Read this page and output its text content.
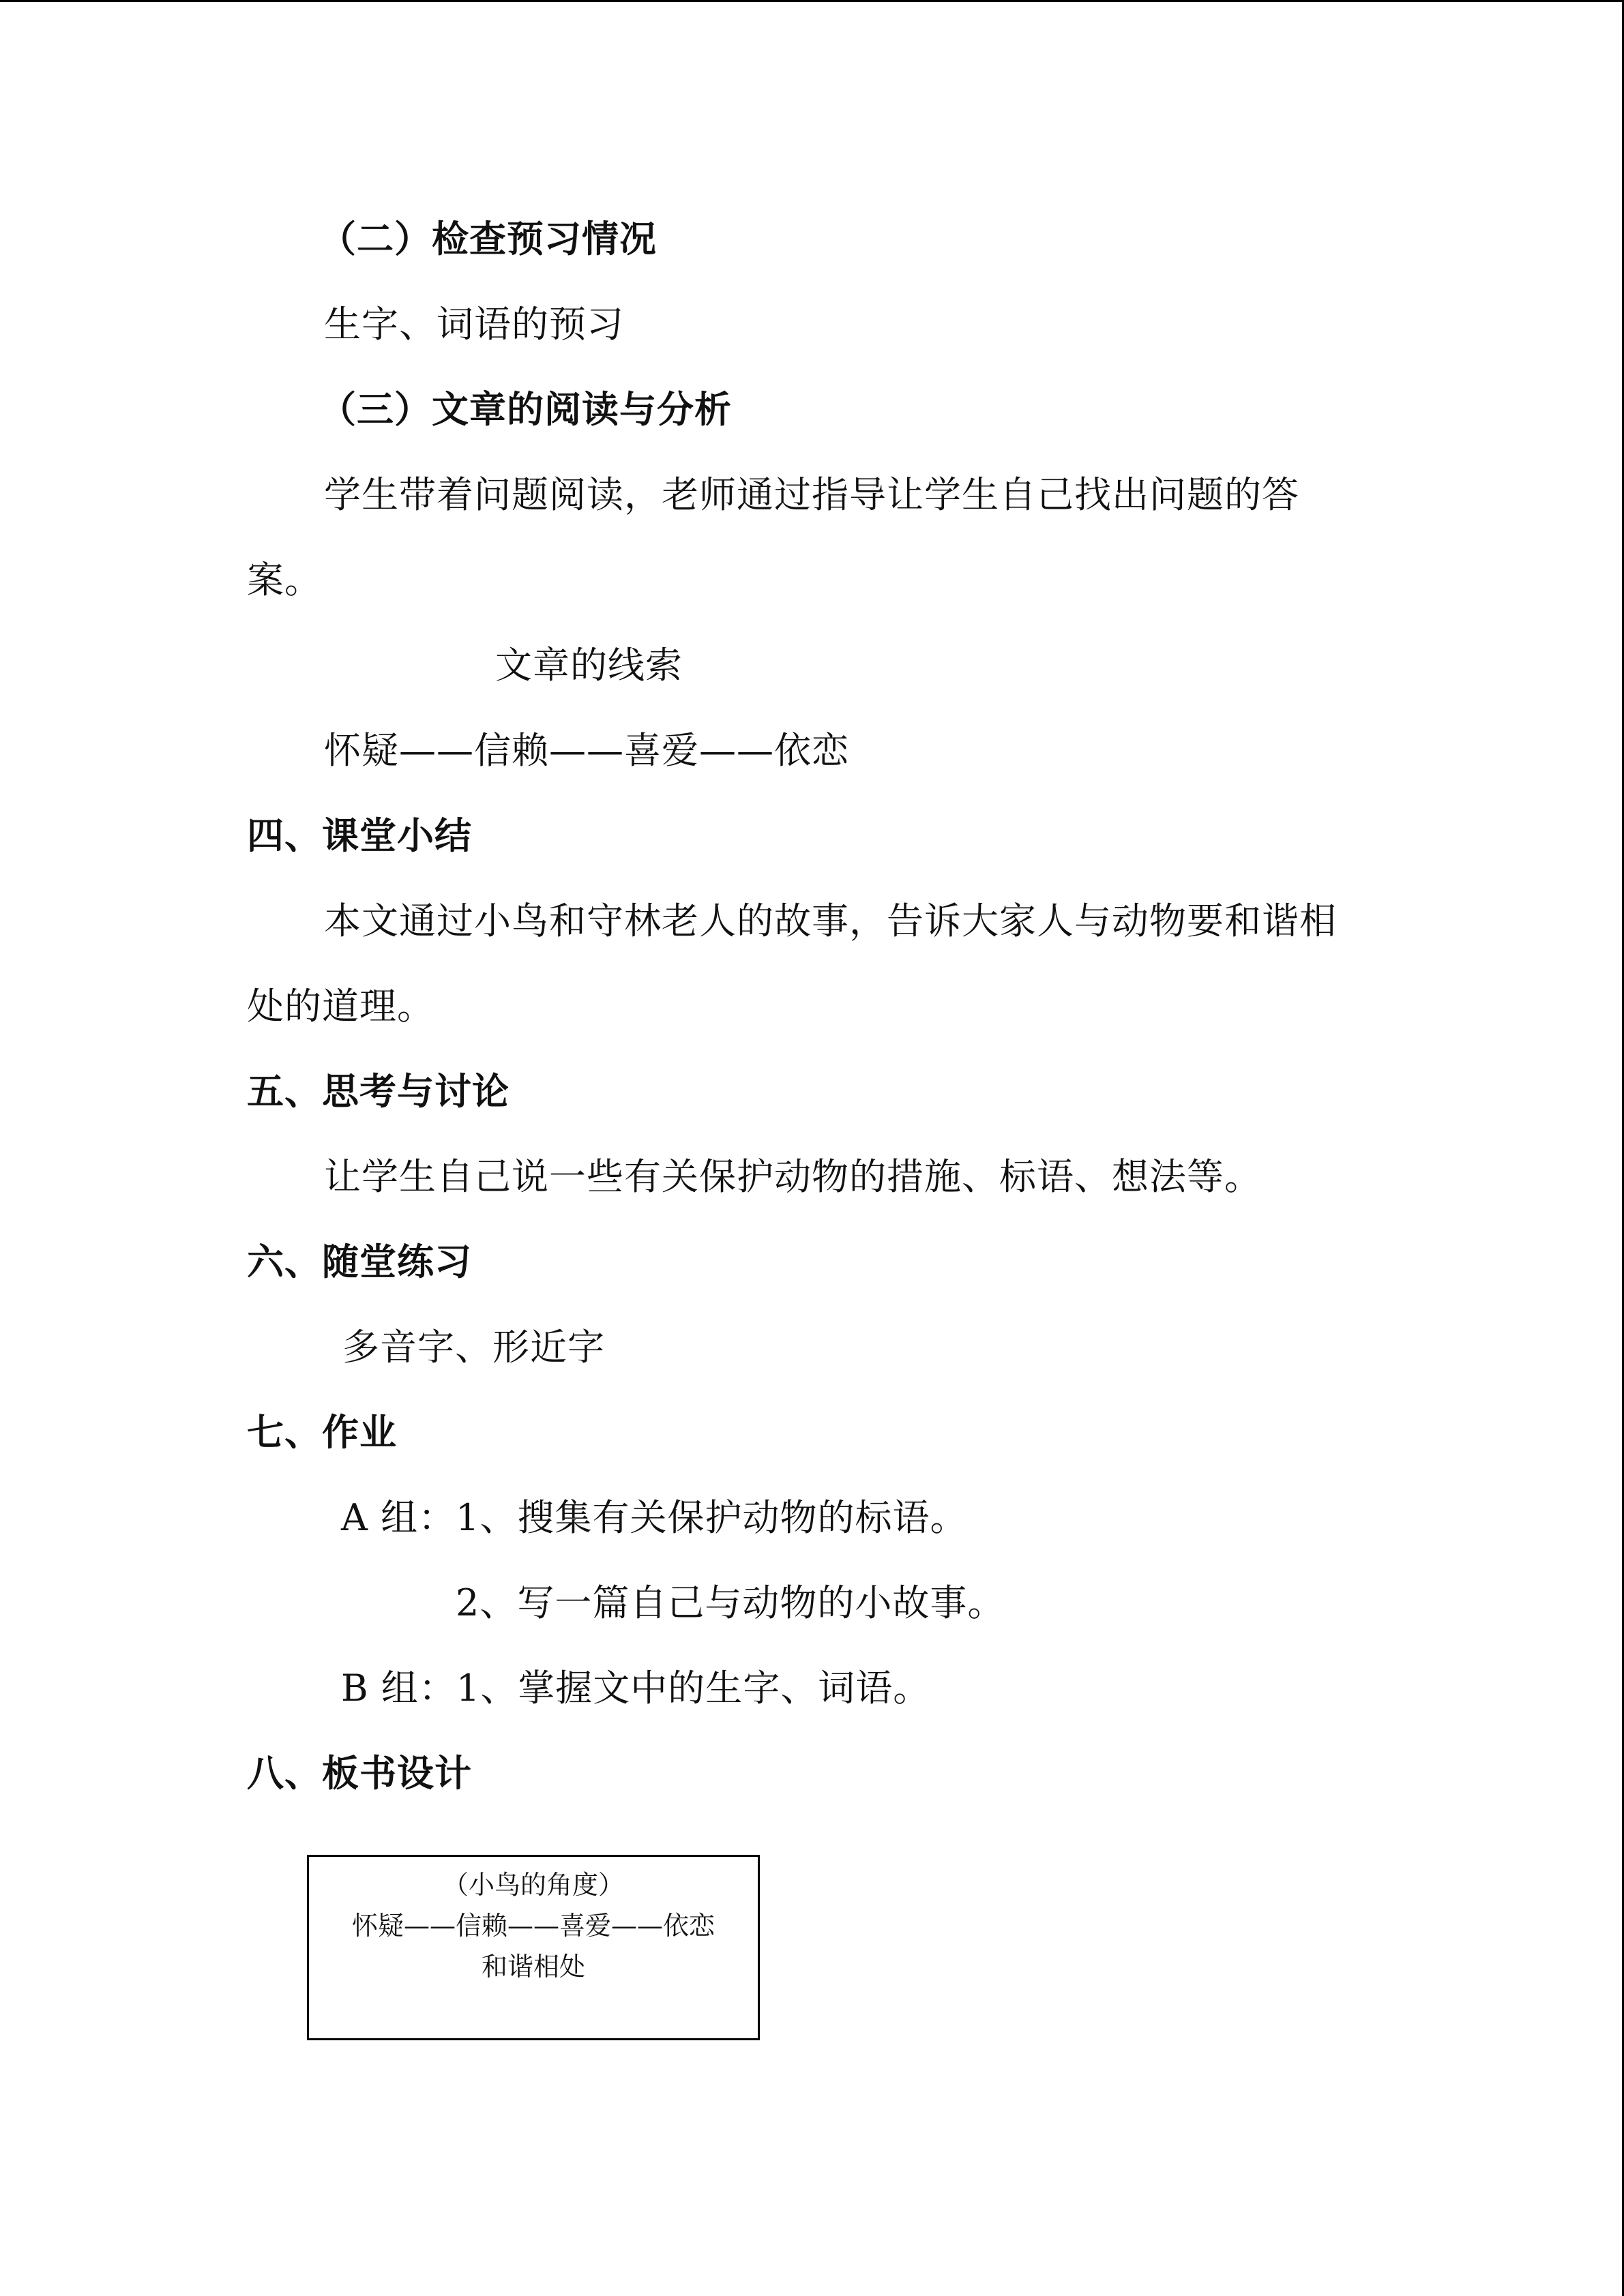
（二）检查预习情况
生字、词语的预习
（三）文章的阅读与分析
学生带着问题阅读，老师通过指导让学生自己找出问题的答
案。
文章的线索
怀疑——信赖——喜爱——依恋
四、课堂小结
本文通过小鸟和守林老人的故事，告诉大家人与动物要和谐相
处的道理。
五、思考与讨论
让学生自己说一些有关保护动物的措施、标语、想法等。
六、随堂练习
多音字、形近字
七、作业
A 组：1、搜集有关保护动物的标语。
2、写一篇自己与动物的小故事。
B 组：1、掌握文中的生字、词语。
八、板书设计
（小鸟的角度）
怀疑——信赖——喜爱——依恋
和谐相处
